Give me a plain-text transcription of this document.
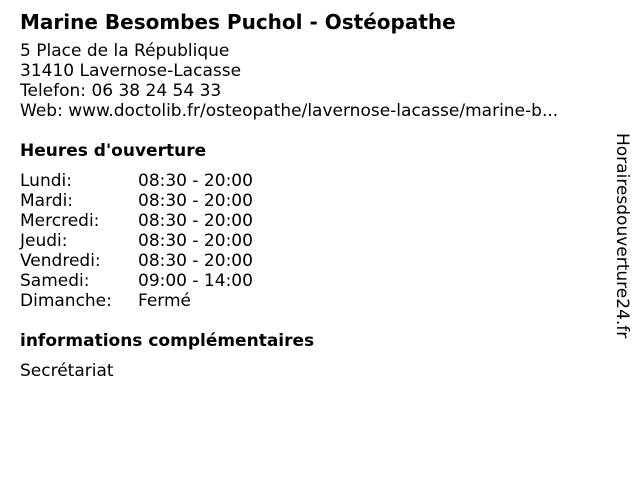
Marine Besombes Puchol - Ostéopathe
5 Place de la République
31410 Lavernose-Lacasse
Telefon: 06 38 24 54 33
Web: www.doctolib.fr/osteopathe/lavernose-lacasse/marine-b...
Heures d'ouverture
Lundi:	08:30 - 20:00
Mardi:	08:30 - 20:00
Mercredi:	08:30 - 20:00
Jeudi:	08:30 - 20:00
Vendredi:	08:30 - 20:00
Samedi:	09:00 - 14:00
Dimanche:	Fermé
informations complémentaires
Secrétariat
Horairesdouverture24.fr
